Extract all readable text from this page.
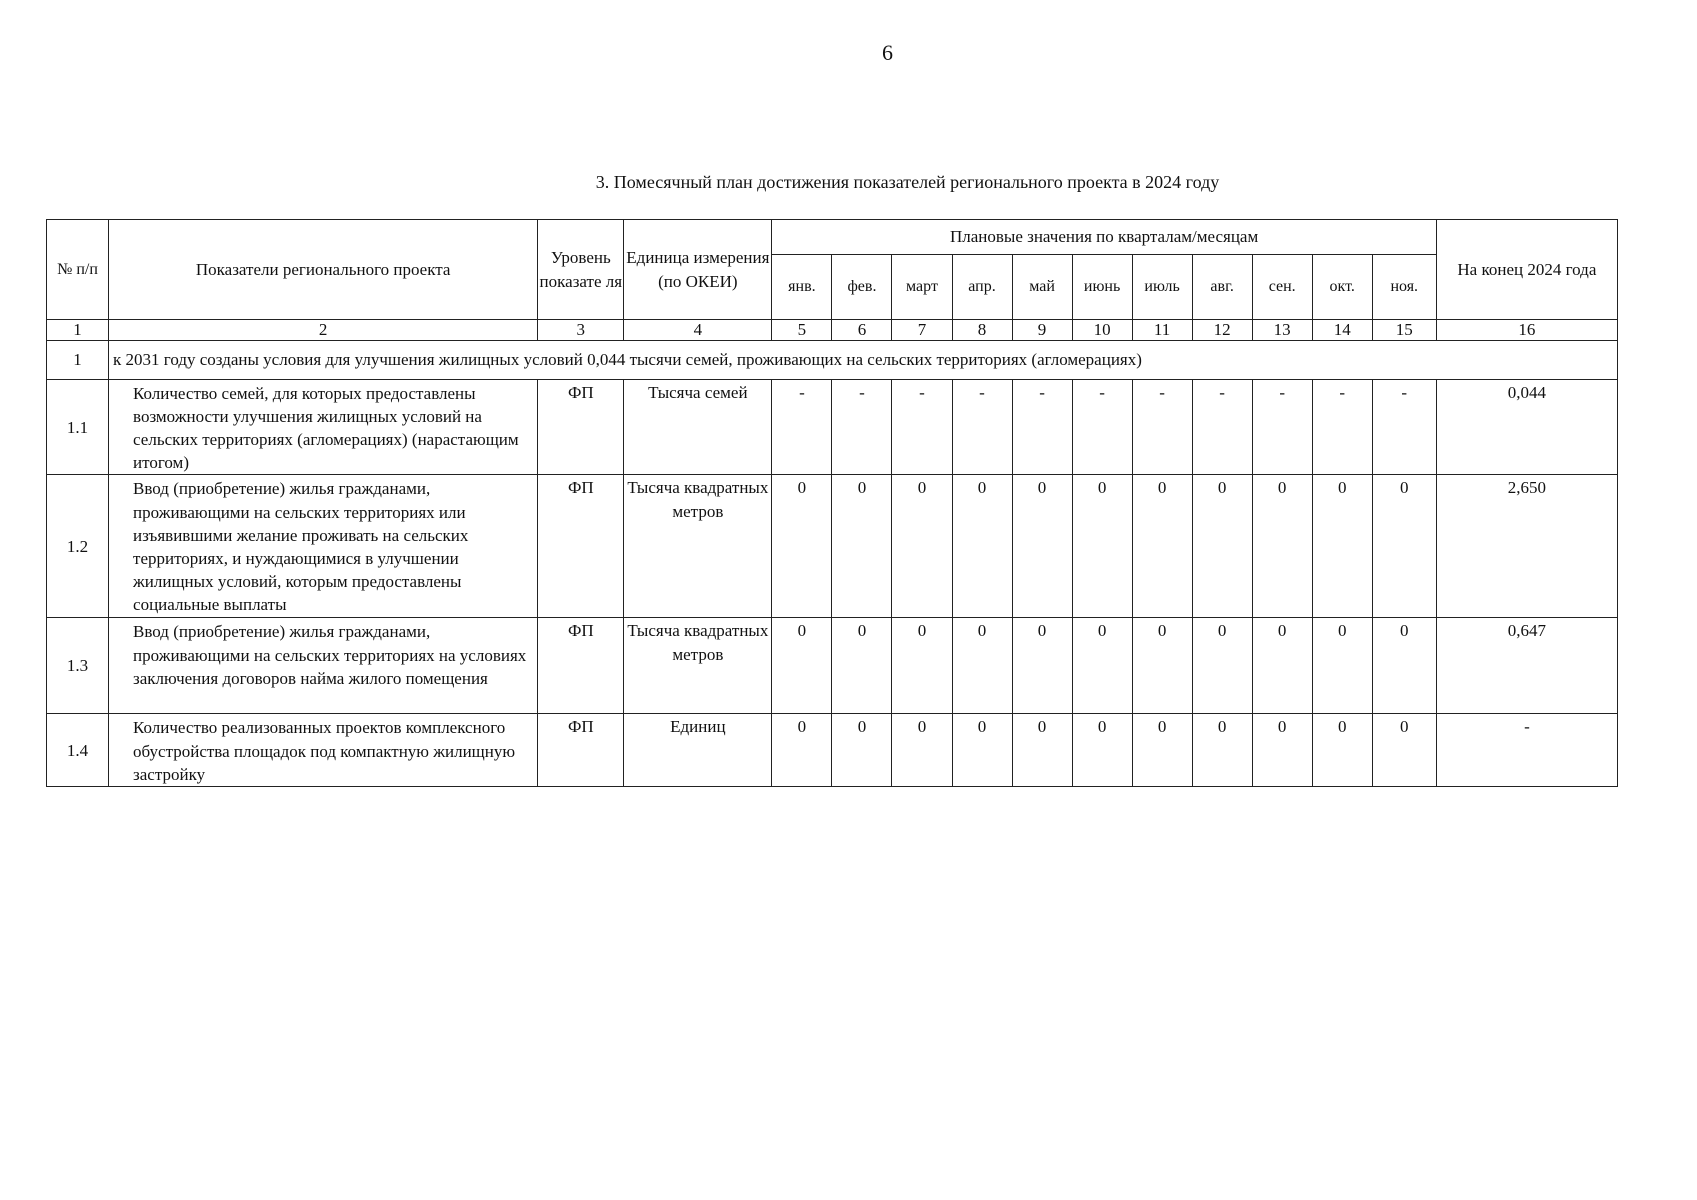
6
3. Помесячный план достижения показателей регионального проекта в 2024 году
№ п/п	Показатели регионального проекта	Уровень показате ля	Единица измерения (по ОКЕИ)	Плановые значения по кварталам/месяцам											На конец 2024 года
				янв.	фев.	март	апр.	май	июнь	июль	авг.	сен.	окт.	ноя.	
1	2	3	4	5	6	7	8	9	10	11	12	13	14	15	16
1	к 2031 году созданы условия для улучшения жилищных условий 0,044 тысячи семей, проживающих на сельских территориях (агломерациях)														
1.1	Количество семей, для которых предоставлены возможности улучшения жилищных условий на сельских территориях (агломерациях) (нарастающим итогом)	ФП	Тысяча семей	-	-	-	-	-	-	-	-	-	-	-	0,044
1.2	Ввод (приобретение) жилья гражданами, проживающими на сельских территориях или изъявившими желание проживать на сельских территориях, и нуждающимися в улучшении жилищных условий, которым предоставлены социальные выплаты	ФП	Тысяча квадратных метров	0	0	0	0	0	0	0	0	0	0	0	2,650
1.3	Ввод (приобретение) жилья гражданами, проживающими на сельских территориях на условиях заключения договоров найма жилого помещения	ФП	Тысяча квадратных метров	0	0	0	0	0	0	0	0	0	0	0	0,647
1.4	Количество реализованных проектов комплексного обустройства площадок под компактную жилищную застройку	ФП	Единиц	0	0	0	0	0	0	0	0	0	0	0	-
